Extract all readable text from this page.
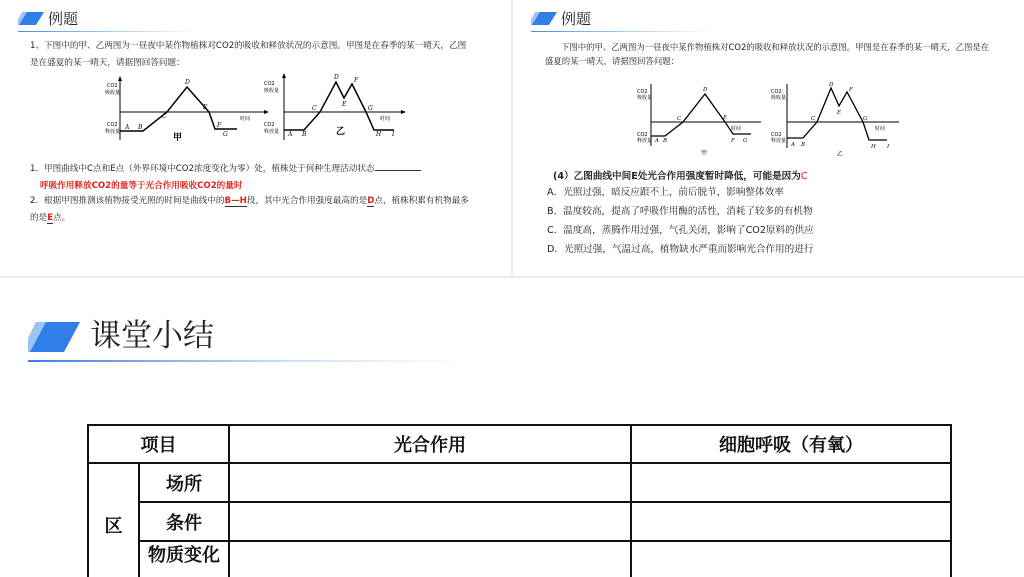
例题
1、下图中的甲、乙两图为一昼夜中某作物植株对CO2的吸收和释放状况的示意图。甲图是在春季的某一晴天，乙图是在盛夏的某一晴天，请据图回答问题：
CO2
吸收量
CO2
释放量
时间
A B
C
D
E
F
G
甲
CO2
吸收量
CO2
释放量
时间
A B
C
D
E
F
G
H I
乙
1．甲图曲线中C点和E点（外界环境中CO2浓度变化为零）处，植株处于何种生理活动状态
呼吸作用释放CO2的量等于光合作用吸收CO2的量时
2．根据甲图推测该植物接受光照的时间是曲线中的B—H段，其中光合作用强度最高的是D点，植株积累有机物最多的是E点。
例题
下图中的甲、乙两图为一昼夜中某作物植株对CO2的吸收和释放状况的示意图。甲图是在春季的某一晴天，乙图是在盛夏的某一晴天，请据图回答问题：
CO2
吸收量
CO2
释放量
时间
A B
C
D
E
F G
甲
CO2
吸收量
CO2
释放量
时间
A B
C
D
E
F
G
H I
乙
(4）乙图曲线中间E处光合作用强度暂时降低，可能是因为C
A．光照过强，暗反应跟不上，前后脱节，影响整体效率
B．温度较高，提高了呼吸作用酶的活性，消耗了较多的有机物
C．温度高，蒸腾作用过强，气孔关闭，影响了CO2原料的供应
D．光照过强，气温过高，植物缺水严重而影响光合作用的进行
课堂小结
项目		光合作用	细胞呼吸（有氧）
区	场所		
	条件		
	物质变化		
